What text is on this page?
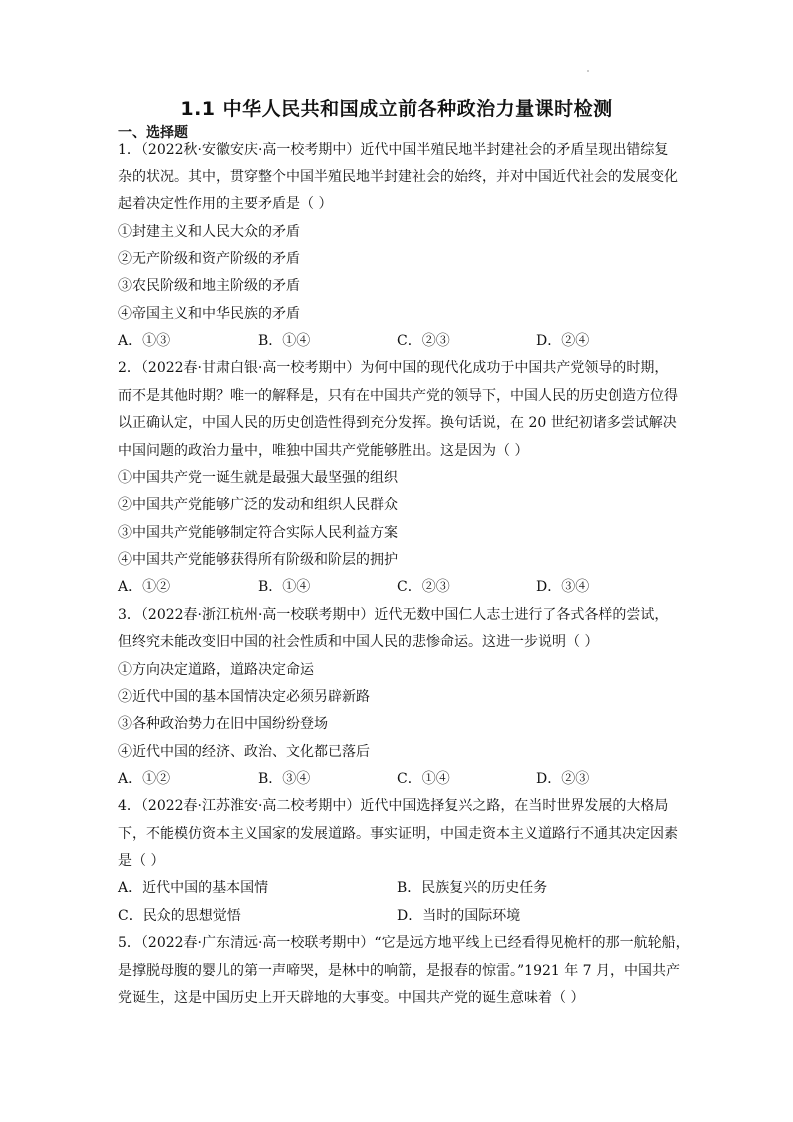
1.1 中华人民共和国成立前各种政治力量课时检测
一、选择题
1．（2022秋·安徽安庆·高一校考期中）近代中国半殖民地半封建社会的矛盾呈现出错综复
杂的状况。其中，贯穿整个中国半殖民地半封建社会的始终，并对中国近代社会的发展变化
起着决定性作用的主要矛盾是（ ）
①封建主义和人民大众的矛盾
②无产阶级和资产阶级的矛盾
③农民阶级和地主阶级的矛盾
④帝国主义和中华民族的矛盾
A．①③	B．①④	C．②③	D．②④
2．（2022春·甘肃白银·高一校考期中）为何中国的现代化成功于中国共产党领导的时期，
而不是其他时期？唯一的解释是，只有在中国共产党的领导下，中国人民的历史创造方位得
以正确认定，中国人民的历史创造性得到充分发挥。换句话说，在 20 世纪初诸多尝试解决
中国问题的政治力量中，唯独中国共产党能够胜出。这是因为（ ）
①中国共产党一诞生就是最强大最坚强的组织
②中国共产党能够广泛的发动和组织人民群众
③中国共产党能够制定符合实际人民利益方案
④中国共产党能够获得所有阶级和阶层的拥护
A．①②	B．①④	C．②③	D．③④
3．（2022春·浙江杭州·高一校联考期中）近代无数中国仁人志士进行了各式各样的尝试，
但终究未能改变旧中国的社会性质和中国人民的悲惨命运。这进一步说明（ ）
①方向决定道路，道路决定命运
②近代中国的基本国情决定必须另辟新路
③各种政治势力在旧中国纷纷登场
④近代中国的经济、政治、文化都已落后
A．①②	B．③④	C．①④	D．②③
4．（2022春·江苏淮安·高二校考期中）近代中国选择复兴之路，在当时世界发展的大格局
下，不能模仿资本主义国家的发展道路。事实证明，中国走资本主义道路行不通其决定因素
是（ ）
A．近代中国的基本国情	B．民族复兴的历史任务
C．民众的思想觉悟	D．当时的国际环境
5．（2022春·广东清远·高一校联考期中）“它是远方地平线上已经看得见桅杆的那一航轮船，
是撑脱母腹的婴儿的第一声啼哭，是林中的响箭，是报春的惊雷。”1921 年 7 月，中国共产
党诞生，这是中国历史上开天辟地的大事变。中国共产党的诞生意味着（ ）
